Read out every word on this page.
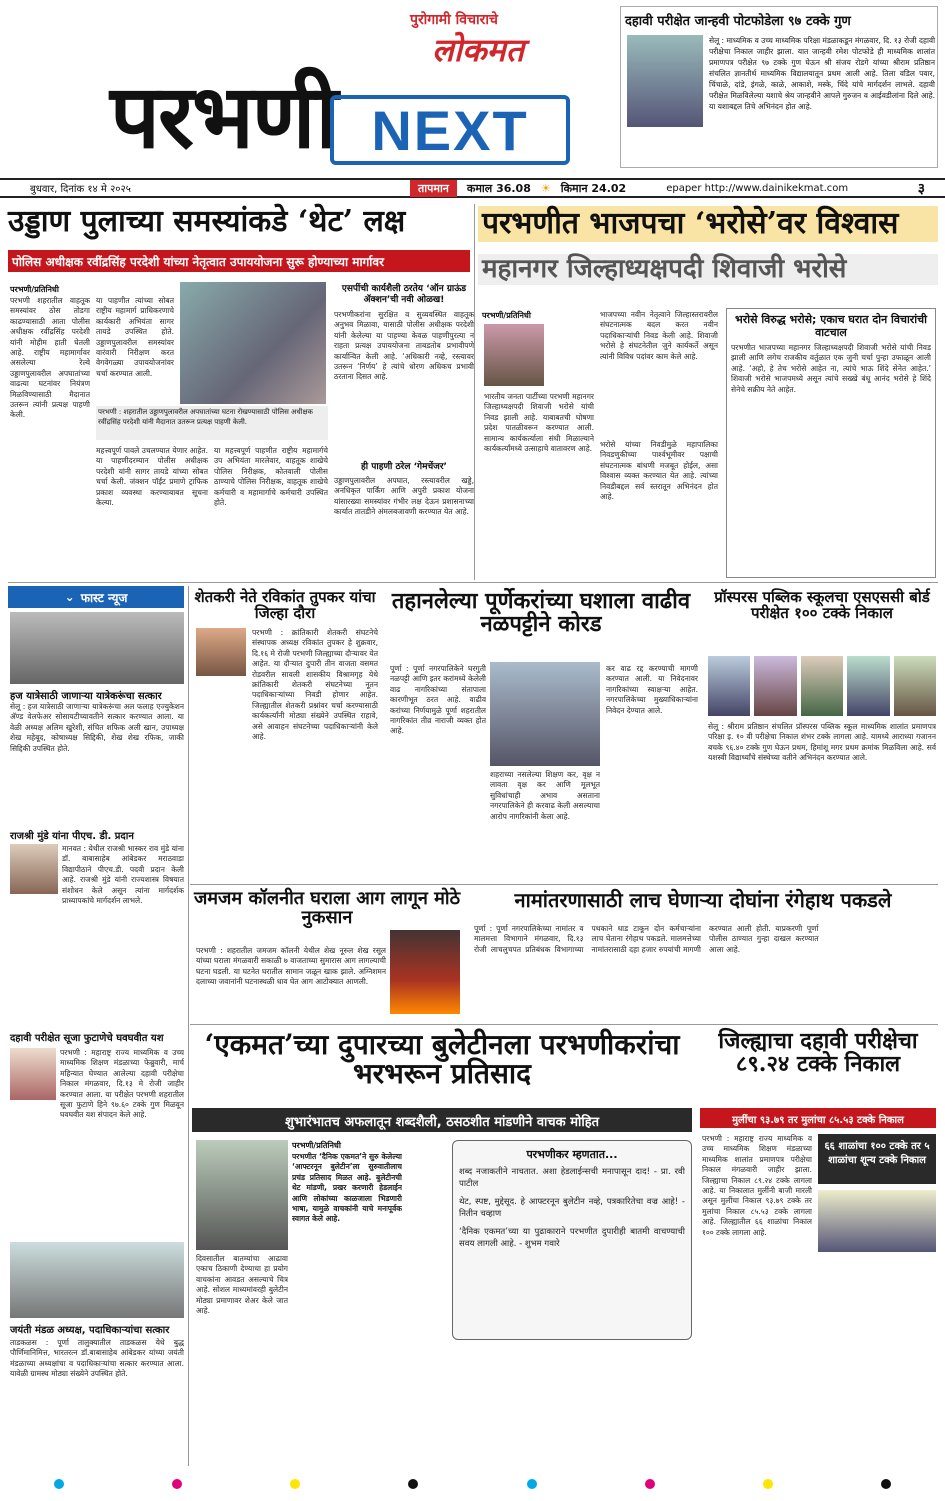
पुरोगामी विचाराचे
लोकमत
परभणी NEXT
दहावी परीक्षेत जान्हवी पोटफोडेला ९७ टक्के गुण
सेलू : माध्यमिक व उच्च माध्यमिक परिक्षा मंडळाकडून मंगळवार, दि. १३ रोजी दहावी परीक्षेचा निकाल जाहीर झाला. यात जान्हवी रमेश पोटफोडे ही माध्यमिक शालांत प्रमाणपत्र परीक्षेत ९७ टक्के गुण घेऊन श्री संजय रोडगे यांच्या श्रीराम प्रतिष्ठान संचलित ज्ञानतीर्थ माध्यमिक विद्यालयातून प्रथम आली आहे. तिला वडिल पवार, चिंचाळे, दांडे, इंगळे, काळे, आकाशे, मस्के, चिंदे यांचे मार्गदर्शन लाभले. दहावी परीक्षेत मिळविलेल्या यशाचे श्रेय जान्हवीने आपले गुरुजन व आईवडीलांना दिले आहे. या यशाबद्दल तिचे अभिनंदन होत आहे.
बुधवार, दिनांक १४ मे २०२५	तापमान	कमाल 36.08 ☀ किमान 24.02	epaper http://www.dainikekmat.com	३
उड्डाण पुलाच्या समस्यांकडे ‘थेट’ लक्ष
पोलिस अधीक्षक रवींद्रसिंह परदेशी यांच्या नेतृत्वात उपाययोजना सुरू होण्याच्या मार्गावर
परभणी/प्रतिनिधी
परभणी शहरातील वाहतूक समस्यांवर ठोस तोडगा काढण्यासाठी आता पोलीस अधीक्षक रवींद्रसिंह परदेशी यांनी मोहीम हाती घेतली आहे. राष्ट्रीय महामार्गावर असलेल्या रेल्वे उड्डाणपुलावरील अपघातांच्या वाढत्या घटनांवर नियंत्रण मिळविण्यासाठी मैदानात उतरून त्यांनी प्रत्यक्ष पाहणी केली.
या पाहणीत त्यांच्या सोबत राष्ट्रीय महामार्ग प्राधिकरणाचे कार्यकारी अभियंता सागर तायडे उपस्थित होते. उड्डाणपुलावरील समस्यांवर वारंवारी निरीक्षण करत वेगवेगळ्या उपाययोजनांवर चर्चा करण्यात आली.
परभणी : शहरातील उड्डाणपुलावरील अपघातांच्या घटना रोखण्यासाठी पोलिस अधीक्षक रवींद्रसिंह परदेशी यांनी मैदानात उतरून प्रत्यक्ष पाहणी केली.
महत्त्वपूर्ण पावले उचलण्यात येणार आहेत. या पाहणीदरम्यान पोलीस अधीक्षक परदेशी यांनी सागर तायडे यांच्या सोबत चर्चा केली. जंक्शन पॉईंट प्रमाणे ट्राफिक प्रकाश व्यवस्था करण्याबाबत सूचना केल्या.
या महत्त्वपूर्ण पाहणीत राष्ट्रीय महामार्गचे उप अभियंता मारलेवार, वाहतूक शाखेचे पोलिस निरीक्षक, कोतवाली पोलीस ठाण्याचे पोलिस निरीक्षक, वाहतूक शाखेचे कर्मचारी व महामार्गाचे कर्मचारी उपस्थित होते.
एसपींची कार्यशैली ठरतेय ‘ऑन ग्राऊंड ॲक्शन’ची नवी ओळख!
परभणीकरांना सुरक्षित व सुव्यवस्थित वाहतूक अनुभव मिळावा, यासाठी पोलीस अधीक्षक परदेशी यांनी केलेल्या या पाहण्या केवळ पाहणीपुरत्या न राहता प्रत्यक्ष उपाययोजना ताबडतोब प्रभावीपणे कार्यान्वित केली आहे. ‘अधिकारी नव्हे, रस्त्यावर उतरून ‘निर्णय’ हे त्यांचे धोरण अधिकच प्रभावी ठरताना दिसत आहे.
ही पाहणी ठरेल ‘गेमचेंजर’
उड्डाणपुलावरील अपघात, रस्त्यावरील खड्डे, अनधिकृत पार्किंग आणि अपुरी प्रकाश योजना यांसारख्या समस्यांवर गंभीर लक्ष देऊन प्रशासनाच्या कार्यात तातडीने अंमलबजावणी करण्यात येत आहे.
परभणीत भाजपचा ‘भरोसे’वर विश्वास
महानगर जिल्हाध्यक्षपदी शिवाजी भरोसे
परभणी/प्रतिनिधी
भारतीय जनता पार्टीच्या परभणी महानगर जिल्हाध्यक्षपदी शिवाजी भरोसे यांची निवड झाली आहे. याबाबतची घोषणा प्रदेश पातळीवरून करण्यात आली. सामान्य कार्यकर्त्याला संधी मिळाल्याने कार्यकर्त्यांमध्ये उत्साहाचे वातावरण आहे.
भाजपच्या नवीन नेतृत्वाने जिल्हास्तरावरील संघटनात्मक बदल करत नवीन पदाधिकाऱ्यांची निवड केली आहे. शिवाजी भरोसे हे संघटनेतील जुने कार्यकर्ते असून त्यांनी विविध पदांवर काम केले आहे.
भरोसे यांच्या निवडीमुळे महापालिका निवडणुकीच्या पार्श्वभूमीवर पक्षाची संघटनात्मक बांधणी मजबूत होईल, असा विश्वास व्यक्त करण्यात येत आहे. त्यांच्या निवडीबद्दल सर्व स्तरातून अभिनंदन होत आहे.
भरोसे विरुद्ध भरोसे; एकाच घरात दोन विचारांची वाटचाल
परभणीत भाजपच्या महानगर जिल्हाध्यक्षपदी शिवाजी भरोसे यांची निवड झाली आणि लगेच राजकीय वर्तुळात एक जुनी चर्चा पुन्हा उफाळून आली आहे. ‘अहो, हे तेच भरोसे आहेत ना, त्यांचे भाऊ शिंदे सेनेत आहेत.’ शिवाजी भरोसे भाजपमध्ये असून त्यांचे सख्खे बंधू आनंद भरोसे हे शिंदे सेनेचे सक्रीय नेते आहेत.
⌄ फास्ट न्यूज
हज यात्रेसाठी जाणाऱ्या यात्रेकरूंचा सत्कार
सेलू : हज यात्रेसाठी जाणाऱ्या यात्रेकरूंचा अल फलाह एज्युकेशन ॲण्ड वेलफेअर सोसायटीच्यावतीने सत्कार करण्यात आला. या वेळी अध्यक्ष अलिम खुरेशी, संचित शफिक अली खान, उपाध्यक्ष शेख महेबूद, कोषाध्यक्ष सिद्दिकी, शेख शेख रफिक, जाकी सिद्दिकी उपस्थित होते.
राजश्री मुंडे यांना पीएच. डी. प्रदान
मानवत : येथील राजश्री भास्कर राव मुंडे यांना डॉ. बाबासाहेब आंबेडकर मराठवाडा विद्यापीठाने पीएच.डी. पदवी प्रदान केली आहे. राजश्री मुंडे यांनी राज्यशास्त्र विषयात संशोधन केले असून त्यांना मार्गदर्शक प्राध्यापकांचे मार्गदर्शन लाभले.
दहावी परीक्षेत सूजा फुटाणेचे घवघवीत यश
परभणी : महाराष्ट्र राज्य माध्यमिक व उच्च माध्यमिक शिक्षण मंडळाच्या फेब्रुवारी, मार्च महिन्यात घेण्यात आलेल्या दहावी परीक्षेचा निकाल मंगळवार, दि.१३ मे रोजी जाहीर करण्यात आला. या परीक्षेत परभणी शहरातील सूजा फुटाणे हिने ९७.६० टक्के गुण मिळवून घवघवीत यश संपादन केले आहे.
जयंती मंडळ अध्यक्ष, पदाधिकाऱ्यांचा सत्कार
ताडकळस : पूर्णा तालुक्यातील ताडकळस येथे बुद्ध पौर्णिमानिमित्त, भारतरत्न डॉ.बाबासाहेब आंबेडकर यांच्या जयंती मंडळाच्या अध्यक्षांचा व पदाधिकाऱ्यांचा सत्कार करण्यात आला. यावेळी ग्रामस्थ मोठ्या संख्येने उपस्थित होते.
शेतकरी नेते रविकांत तुपकर यांचा जिल्हा दौरा
परभणी : क्रांतिकारी शेतकरी संघटनेचे संस्थापक अध्यक्ष रविकांत तुपकर हे शुक्रवार, दि.१६ मे रोजी परभणी जिल्ह्याच्या दौऱ्यावर येत आहेत. या दौऱ्यात दुपारी तीन वाजता वसमत रोडवरील सावली शासकीय विश्रामगृह येथे क्रांतिकारी शेतकरी संघटनेच्या नूतन पदाधिकाऱ्यांच्या निवडी होणार आहेत. जिल्ह्यातील शेतकरी प्रश्नांवर चर्चा करण्यासाठी कार्यकर्त्यांनी मोठ्या संख्येने उपस्थित राहावे, असे आवाहन संघटनेच्या पदाधिकाऱ्यांनी केले आहे.
तहानलेल्या पूर्णेकरांच्या घशाला वाढीव नळपट्टीने कोरड
पूर्णा : पूर्णा नगरपालिकेने घरगुती नळपट्टी आणि इतर करांमध्ये केलेली वाढ नागरिकांच्या संतापाला कारणीभूत ठरत आहे. वाढीव करांच्या निर्णयामुळे पूर्णा शहरातील नागरिकांत तीव्र नाराजी व्यक्त होत आहे.
शहराच्या नसलेल्या शिक्षण कर, वृक्ष न लावता वृक्ष कर आणि मूलभूत सुविधांचाही अभाव असताना नगरपालिकेने ही करवाढ केली असल्याचा आरोप नागरिकांनी केला आहे.
कर वाढ रद्द करण्याची मागणी करण्यात आली. या निवेदनावर नागरिकांच्या स्वाक्षऱ्या आहेत. नगरपालिकेच्या मुख्याधिकाऱ्यांना निवेदन देण्यात आले.
प्रॉस्परस पब्लिक स्कूलचा एसएससी बोर्ड परीक्षेत १०० टक्के निकाल
सेलू : श्रीराम प्रतिष्ठान संचलित प्रॉस्परस पब्लिक स्कूल माध्यमिक शालांत प्रमाणपत्र परिक्षा इ. १० वी परीक्षेचा निकाल शंभर टक्के लागला आहे. यामध्ये आराध्या गजानन बचके ९६.४० टक्के गुण घेऊन प्रथम, हिमांशू मगर प्रथम क्रमांक मिळविला आहे. सर्व यशस्वी विद्यार्थ्यांचे संस्थेच्या वतीने अभिनंदन करण्यात आले.
जमजम कॉलनीत घराला आग लागून मोठे नुकसान
परभणी : शहरातील जमजम कॉलनी येथील शेख नूरुल शेख रसूल यांच्या घराला मंगळवारी सकाळी ७ वाजताच्या सुमारास आग लागल्याची घटना घडली. या घटनेत घरातील सामान जळून खाक झाले. अग्निशमन दलाच्या जवानांनी घटनास्थळी धाव घेत आग आटोक्यात आणली.
नामांतरणासाठी लाच घेणाऱ्या दोघांना रंगेहाथ पकडले
पूर्णा : पूर्णा नगरपालिकेच्या नामांतर व मालमत्ता विभागाने मंगळवार, दि.१३ रोजी लाचलुचपत प्रतिबंधक विभागाच्या पथकाने धाड टाकून दोन कर्मचाऱ्यांना लाच घेताना रंगेहाथ पकडले. मालमत्तेच्या नामांतरासाठी दहा हजार रुपयांची मागणी करण्यात आली होती. याप्रकरणी पूर्णा पोलीस ठाण्यात गुन्हा दाखल करण्यात आला आहे.
‘एकमत’च्या दुपारच्या बुलेटीनला परभणीकरांचा भरभरून प्रतिसाद
शुभारंभातच अफलातून शब्दशैली, ठसठशीत मांडणीने वाचक मोहित
परभणी/प्रतिनिधी
परभणीत ‘दैनिक एकमत’ने सुरु केलेल्या ‘आफ्टरनून बुलेटीन’ला सुरुवातीलाच प्रचंड प्रतिसाद मिळत आहे. बुलेटीनची थेट मांडणी, प्रखर करणारी हेडलाईन आणि लोकांच्या काळजाला भिडणारी भाषा, यामुळे वाचकांनी याचे मनःपूर्वक स्वागत केले आहे.
दिवसातील बातम्यांचा आढावा एकाच ठिकाणी देण्याचा हा प्रयोग वाचकांना आवडत असल्याचे चित्र आहे. सोशल माध्यमांवरही बुलेटीन मोठ्या प्रमाणावर शेअर केले जात आहे.
परभणीकर म्हणतात...
शब्द नजाकतीने नाचतात. अशा हेडलाईन्सची मनापासून दाद! - प्रा. रवी पाटील
थेट, स्पष्ट, मुद्देसूद. हे आफ्टरनून बुलेटीन नव्हे, पत्रकारितेचा वज्र आहे! - नितीन चव्हाण
‘दैनिक एकमत’च्या या पुढाकाराने परभणीत दुपारीही बातमी वाचण्याची सवय लागली आहे. - शुभम गवारे
जिल्ह्याचा दहावी परीक्षेचा ८९.२४ टक्के निकाल
मुलींचा ९३.७९ तर मुलांचा ८५.५३ टक्के निकाल
परभणी : महाराष्ट्र राज्य माध्यमिक व उच्च माध्यमिक शिक्षण मंडळाच्या माध्यमिक शालांत प्रमाणपत्र परीक्षेचा निकाल मंगळवारी जाहीर झाला. जिल्ह्याचा निकाल ८९.२४ टक्के लागला आहे. या निकालात मुलींनी बाजी मारली असून मुलींचा निकाल ९३.७९ टक्के तर मुलांचा निकाल ८५.५३ टक्के लागला आहे. जिल्ह्यातील ६६ शाळांचा निकाल १०० टक्के लागला आहे.
६६ शाळांचा १०० टक्के तर ५ शाळांचा शून्य टक्के निकाल
